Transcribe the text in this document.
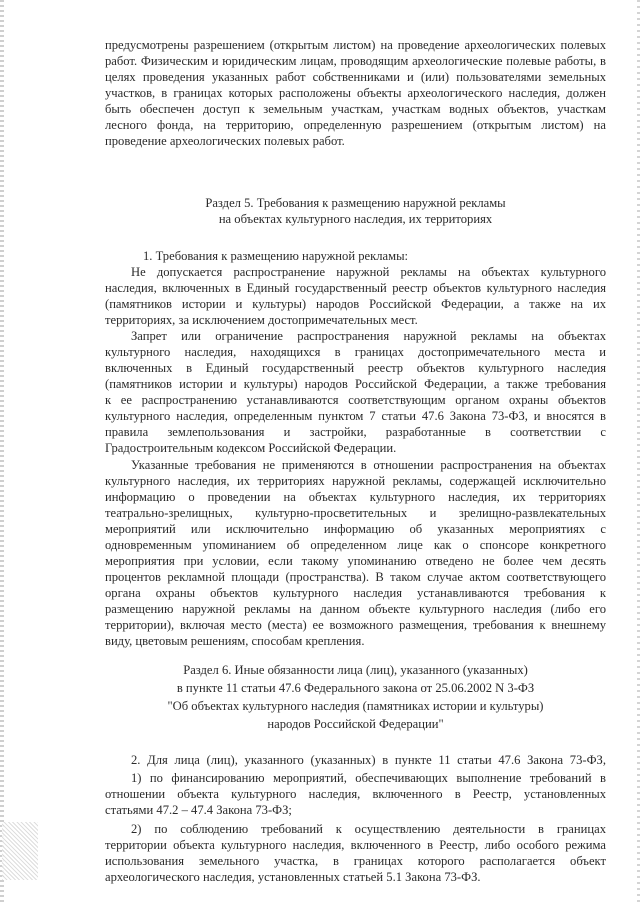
предусмотрены разрешением (открытым листом) на проведение археологических полевых
работ. Физическим и юридическим лицам, проводящим археологические полевые работы, в
целях проведения указанных работ собственниками и (или) пользователями земельных
участков, в границах которых расположены объекты археологического наследия, должен
быть обеспечен доступ к земельным участкам, участкам водных объектов, участкам
лесного фонда, на территорию, определенную разрешением (открытым листом) на
проведение археологических полевых работ.
Раздел 5. Требования к размещению наружной рекламы
на объектах культурного наследия, их территориях
1. Требования к размещению наружной рекламы:
Не допускается распространение наружной рекламы на объектах культурного
наследия, включенных в Единый государственный реестр объектов культурного наследия
(памятников истории и культуры) народов Российской Федерации, а также на их
территориях, за исключением достопримечательных мест.
Запрет или ограничение распространения наружной рекламы на объектах
культурного наследия, находящихся в границах достопримечательного места и
включенных в Единый государственный реестр объектов культурного наследия
(памятников истории и культуры) народов Российской Федерации, а также требования
к ее распространению устанавливаются соответствующим органом охраны объектов
культурного наследия, определенным пунктом 7 статьи 47.6 Закона 73-ФЗ, и вносятся в
правила землепользования и застройки, разработанные в соответствии с
Градостроительным кодексом Российской Федерации.
Указанные требования не применяются в отношении распространения на объектах
культурного наследия, их территориях наружной рекламы, содержащей исключительно
информацию о проведении на объектах культурного наследия, их территориях
театрально-зрелищных, культурно-просветительных и зрелищно-развлекательных
мероприятий или исключительно информацию об указанных мероприятиях с
одновременным упоминанием об определенном лице как о спонсоре конкретного
мероприятия при условии, если такому упоминанию отведено не более чем десять
процентов рекламной площади (пространства). В таком случае актом соответствующего
органа охраны объектов культурного наследия устанавливаются требования к
размещению наружной рекламы на данном объекте культурного наследия (либо его
территории), включая место (места) ее возможного размещения, требования к внешнему
виду, цветовым решениям, способам крепления.
Раздел 6. Иные обязанности лица (лиц), указанного (указанных)
в пункте 11 статьи 47.6 Федерального закона от 25.06.2002 N 3-ФЗ
"Об объектах культурного наследия (памятниках истории и культуры)
народов Российской Федерации"
2. Для лица (лиц), указанного (указанных) в пункте 11 статьи 47.6 Закона 73-ФЗ,
1) по финансированию мероприятий, обеспечивающих выполнение требований в
отношении объекта культурного наследия, включенного в Реестр, установленных
статьями 47.2 – 47.4 Закона 73-ФЗ;
2) по соблюдению требований к осуществлению деятельности в границах
территории объекта культурного наследия, включенного в Реестр, либо особого режима
использования земельного участка, в границах которого располагается объект
археологического наследия, установленных статьей 5.1 Закона 73-ФЗ.
